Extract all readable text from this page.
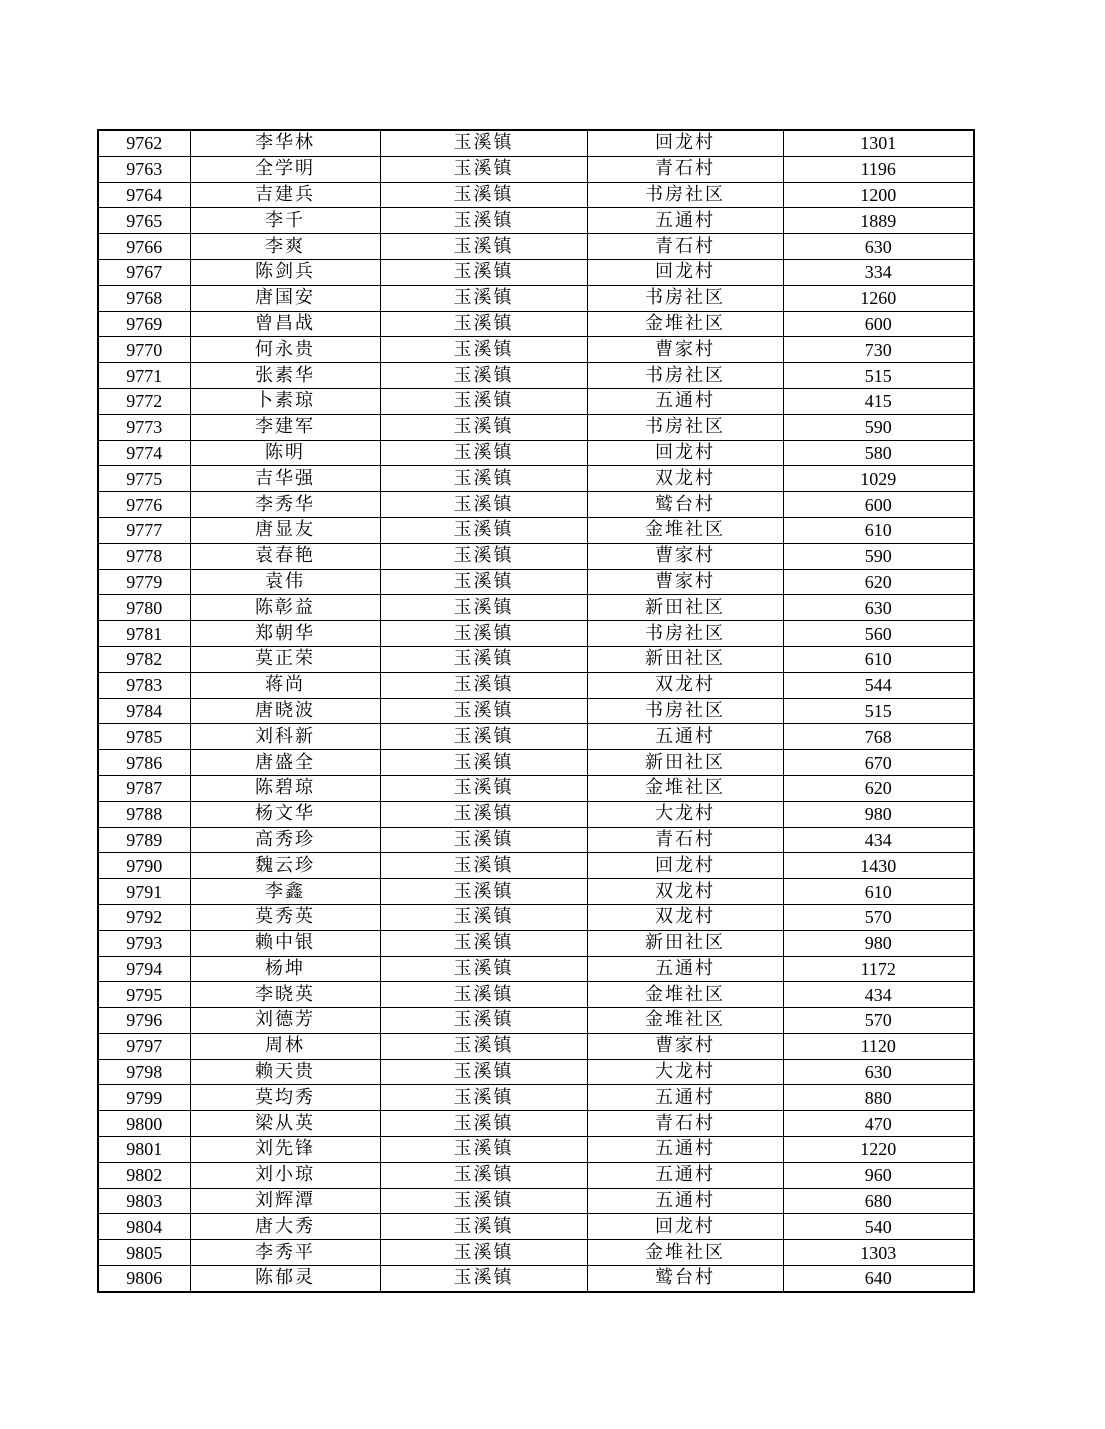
9762	李华林	玉溪镇	回龙村	1301
9763	全学明	玉溪镇	青石村	1196
9764	吉建兵	玉溪镇	书房社区	1200
9765	李千	玉溪镇	五通村	1889
9766	李爽	玉溪镇	青石村	630
9767	陈剑兵	玉溪镇	回龙村	334
9768	唐国安	玉溪镇	书房社区	1260
9769	曾昌战	玉溪镇	金堆社区	600
9770	何永贵	玉溪镇	曹家村	730
9771	张素华	玉溪镇	书房社区	515
9772	卜素琼	玉溪镇	五通村	415
9773	李建军	玉溪镇	书房社区	590
9774	陈明	玉溪镇	回龙村	580
9775	吉华强	玉溪镇	双龙村	1029
9776	李秀华	玉溪镇	鹫台村	600
9777	唐显友	玉溪镇	金堆社区	610
9778	袁春艳	玉溪镇	曹家村	590
9779	袁伟	玉溪镇	曹家村	620
9780	陈彰益	玉溪镇	新田社区	630
9781	郑朝华	玉溪镇	书房社区	560
9782	莫正荣	玉溪镇	新田社区	610
9783	蒋尚	玉溪镇	双龙村	544
9784	唐晓波	玉溪镇	书房社区	515
9785	刘科新	玉溪镇	五通村	768
9786	唐盛全	玉溪镇	新田社区	670
9787	陈碧琼	玉溪镇	金堆社区	620
9788	杨文华	玉溪镇	大龙村	980
9789	高秀珍	玉溪镇	青石村	434
9790	魏云珍	玉溪镇	回龙村	1430
9791	李鑫	玉溪镇	双龙村	610
9792	莫秀英	玉溪镇	双龙村	570
9793	赖中银	玉溪镇	新田社区	980
9794	杨坤	玉溪镇	五通村	1172
9795	李晓英	玉溪镇	金堆社区	434
9796	刘德芳	玉溪镇	金堆社区	570
9797	周林	玉溪镇	曹家村	1120
9798	赖天贵	玉溪镇	大龙村	630
9799	莫均秀	玉溪镇	五通村	880
9800	梁从英	玉溪镇	青石村	470
9801	刘先锋	玉溪镇	五通村	1220
9802	刘小琼	玉溪镇	五通村	960
9803	刘辉潭	玉溪镇	五通村	680
9804	唐大秀	玉溪镇	回龙村	540
9805	李秀平	玉溪镇	金堆社区	1303
9806	陈郁灵	玉溪镇	鹫台村	640
